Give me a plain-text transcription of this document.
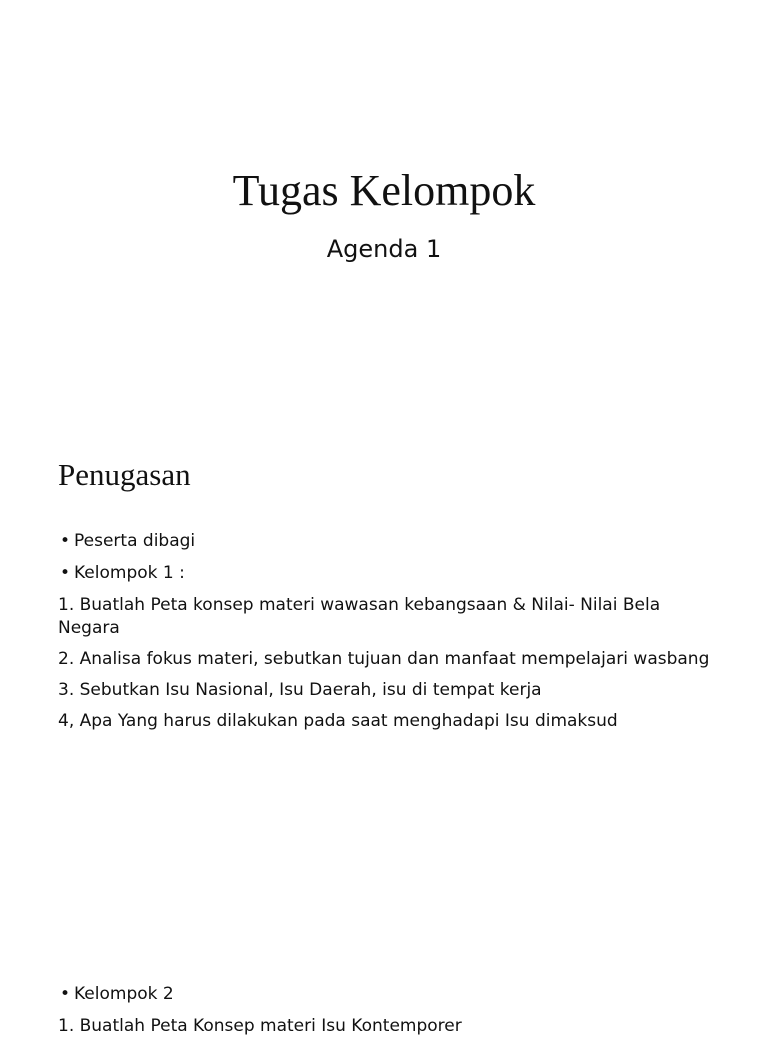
Tugas Kelompok
Agenda 1
Penugasan
• Peserta dibagi
• Kelompok 1 :
1. Buatlah Peta konsep materi wawasan kebangsaan & Nilai- Nilai Bela Negara
2. Analisa fokus materi, sebutkan tujuan dan manfaat mempelajari wasbang
3. Sebutkan Isu Nasional, Isu Daerah, isu di tempat kerja
4, Apa Yang harus dilakukan pada saat menghadapi Isu dimaksud
• Kelompok 2
1. Buatlah Peta Konsep materi Isu Kontemporer
